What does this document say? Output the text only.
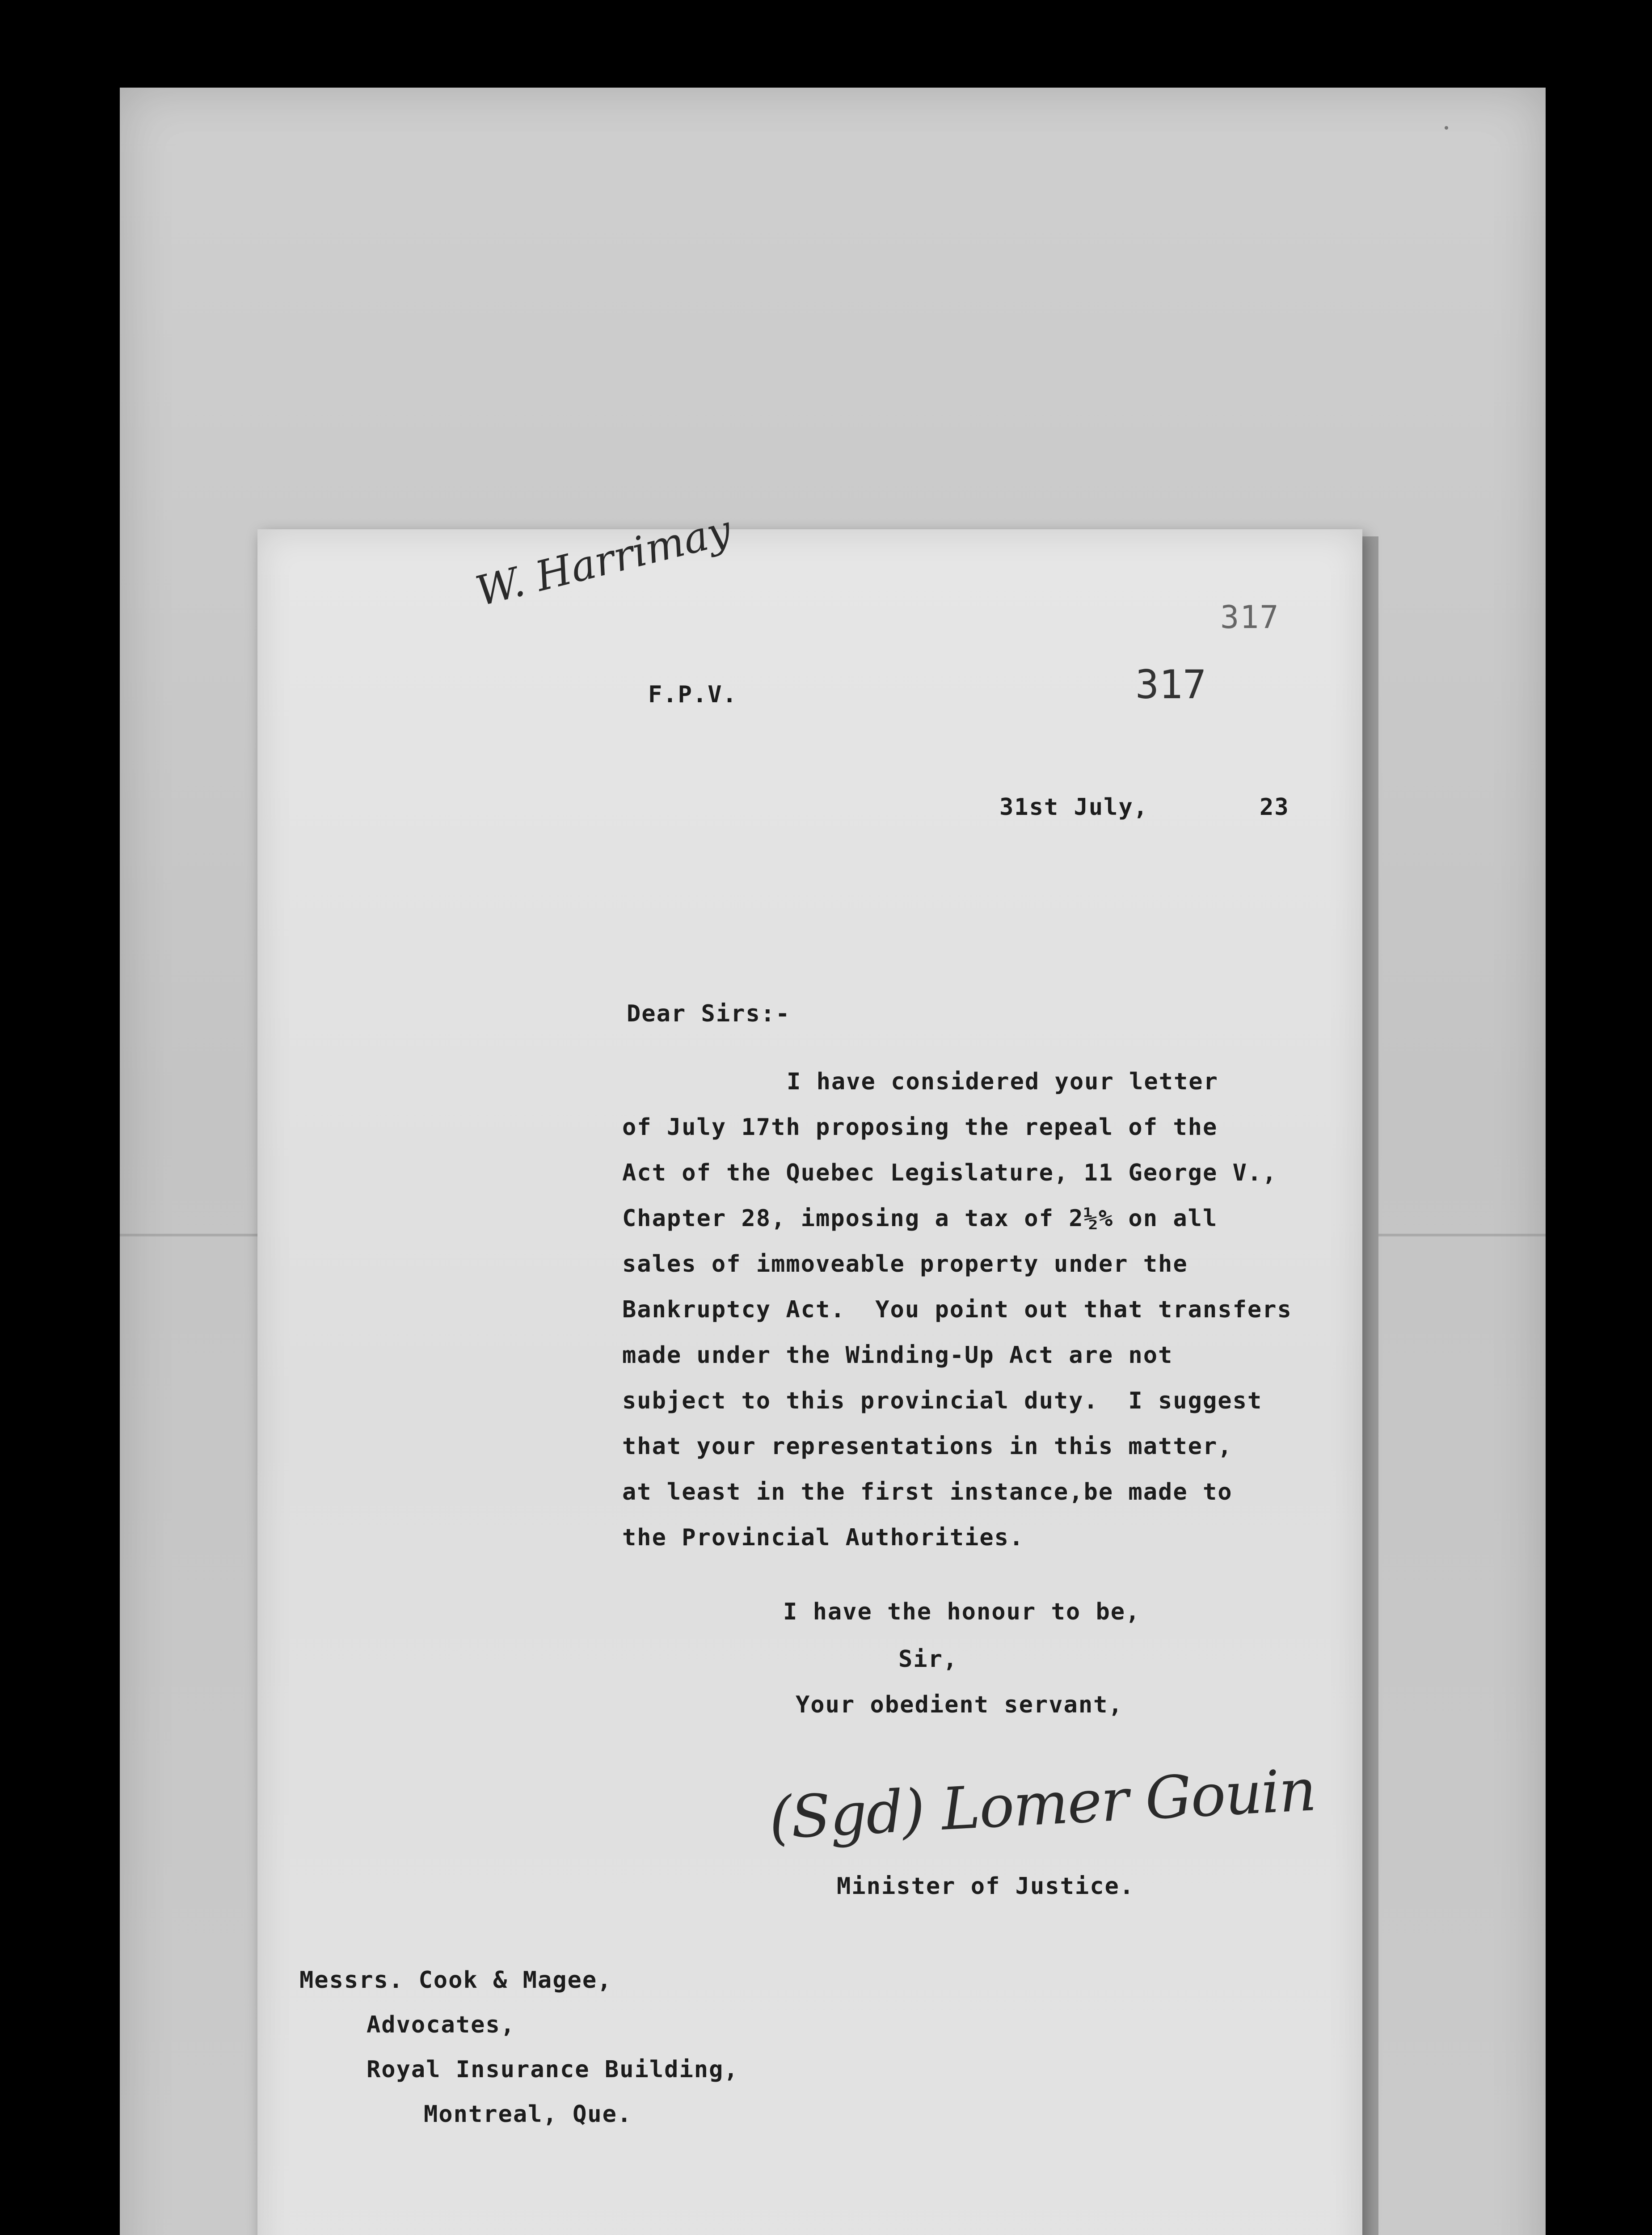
W. Harrimay
317
317
F.P.V.
31st July,	23
Dear Sirs:-
I have considered your letter
of July 17th proposing the repeal of the
Act of the Quebec Legislature, 11 George V.,
Chapter 28, imposing a tax of 2½% on all
sales of immoveable property under the
Bankruptcy Act.  You point out that transfers
made under the Winding-Up Act are not
subject to this provincial duty.  I suggest
that your representations in this matter,
at least in the first instance,be made to
the Provincial Authorities.
I have the honour to be,
Sir,
Your obedient servant,
(Sgd) Lomer Gouin
Minister of Justice.
Messrs. Cook & Magee,
Advocates,
Royal Insurance Building,
Montreal, Que.
